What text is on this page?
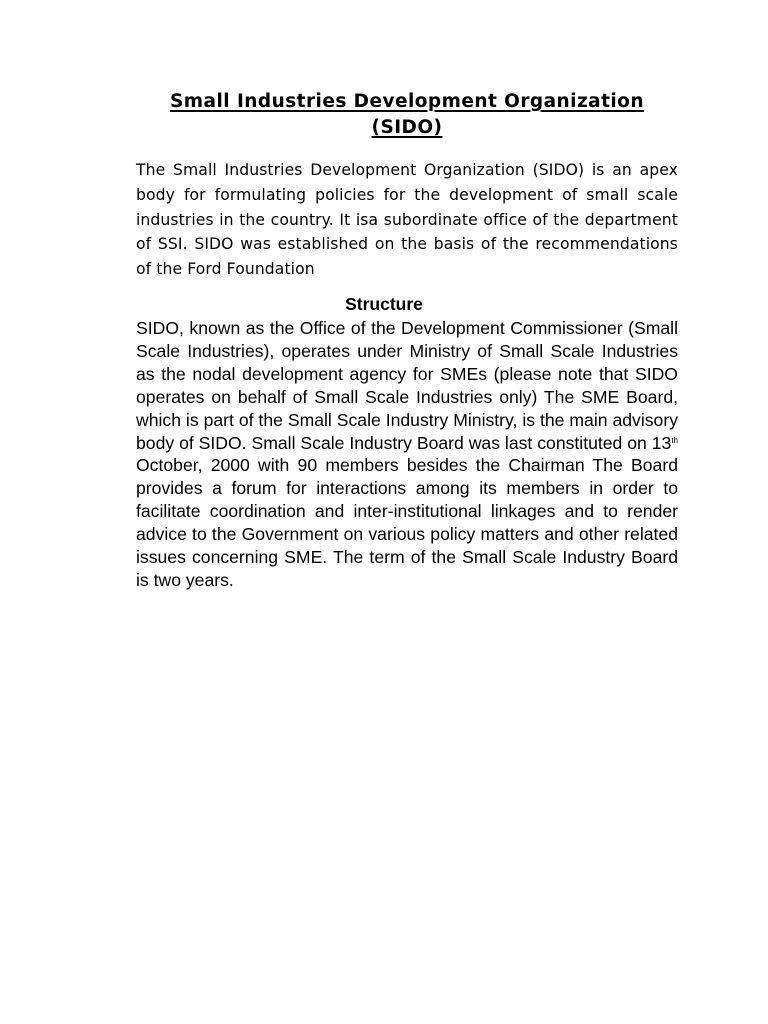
Small Industries Development Organization
(SIDO)

The Small Industries Development Organization (SIDO) is an apex body for formulating policies for the development of small scale industries in the country. It isa subordinate office of the department of SSI. SIDO was established on the basis of the recommendations of the Ford Foundation

Structure

SIDO, known as the Office of the Development Commissioner (Small Scale Industries), operates under Ministry of Small Scale Industries as the nodal development agency for SMEs (please note that SIDO operates on behalf of Small Scale Industries only) The SME Board, which is part of the Small Scale Industry Ministry, is the main advisory body of SIDO. Small Scale Industry Board was last constituted on 13th October, 2000 with 90 members besides the Chairman The Board provides a forum for interactions among its members in order to facilitate coordination and inter-institutional linkages and to render advice to the Government on various policy matters and other related issues concerning SME. The term of the Small Scale Industry Board is two years.
